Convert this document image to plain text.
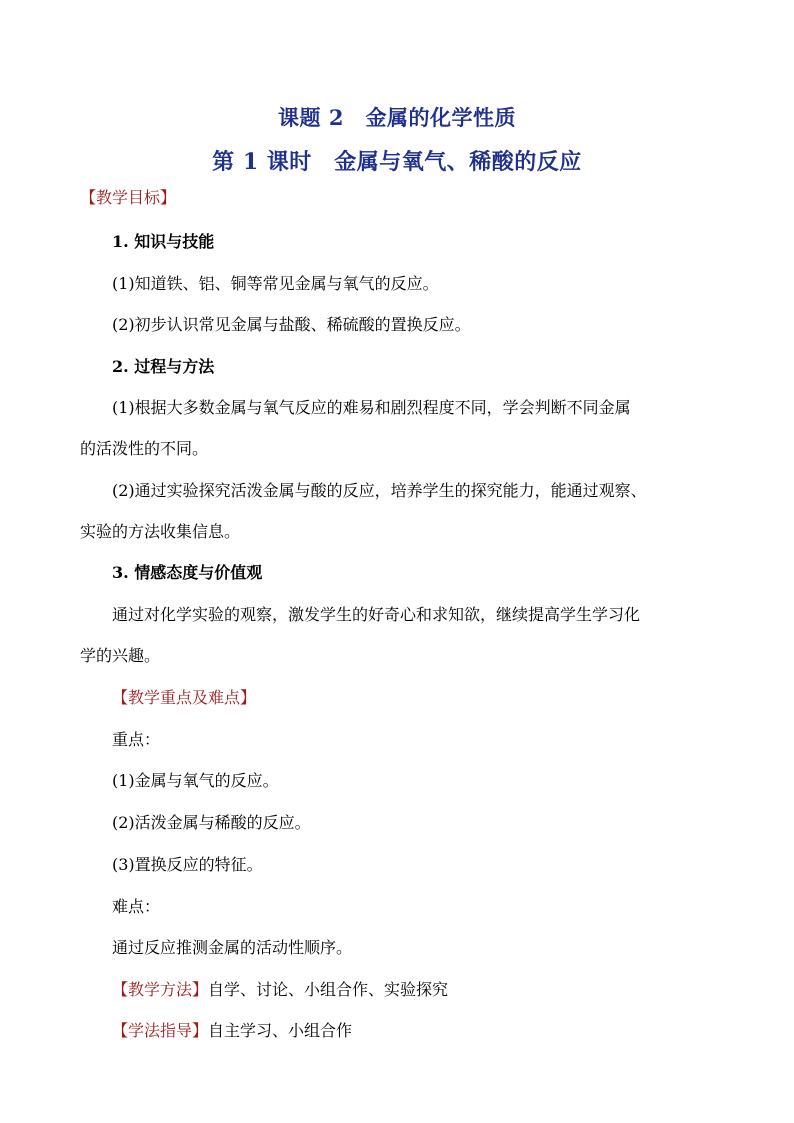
课题 2　金属的化学性质
第 1 课时　金属与氧气、稀酸的反应
【教学目标】
1. 知识与技能
(1)知道铁、铝、铜等常见金属与氧气的反应。
(2)初步认识常见金属与盐酸、稀硫酸的置换反应。
2. 过程与方法
(1)根据大多数金属与氧气反应的难易和剧烈程度不同，学会判断不同金属
的活泼性的不同。
(2)通过实验探究活泼金属与酸的反应，培养学生的探究能力，能通过观察、
实验的方法收集信息。
3. 情感态度与价值观
通过对化学实验的观察，激发学生的好奇心和求知欲，继续提高学生学习化
学的兴趣。
【教学重点及难点】
重点：
(1)金属与氧气的反应。
(2)活泼金属与稀酸的反应。
(3)置换反应的特征。
难点：
通过反应推测金属的活动性顺序。
【教学方法】自学、讨论、小组合作、实验探究
【学法指导】自主学习、小组合作
